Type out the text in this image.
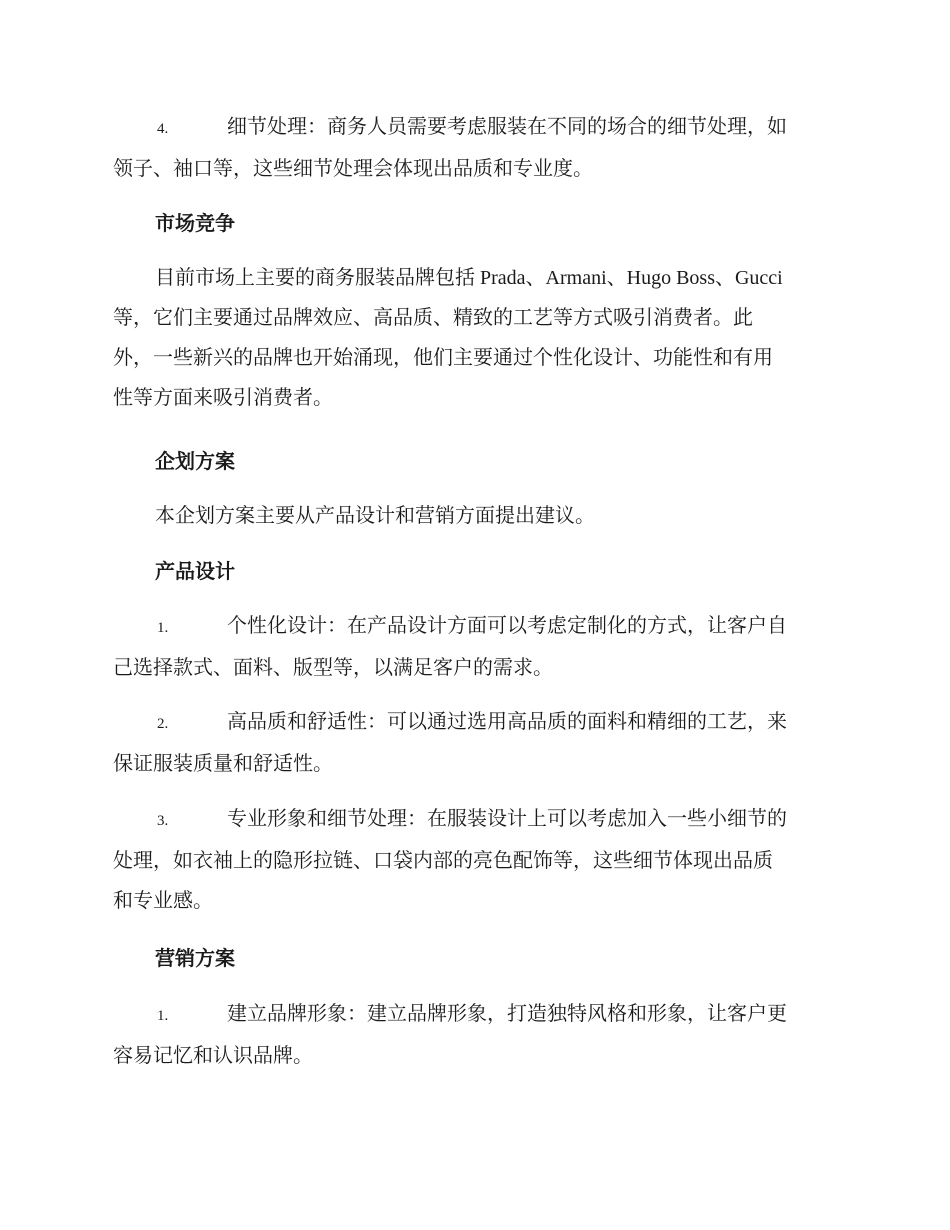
4.	细节处理：商务人员需要考虑服装在不同的场合的细节处理，如
领子、袖口等，这些细节处理会体现出品质和专业度。
市场竞争
目前市场上主要的商务服装品牌包括 Prada、Armani、Hugo Boss、Gucci
等，它们主要通过品牌效应、高品质、精致的工艺等方式吸引消费者。此
外，一些新兴的品牌也开始涌现，他们主要通过个性化设计、功能性和有用
性等方面来吸引消费者。
企划方案
本企划方案主要从产品设计和营销方面提出建议。
产品设计
1.	个性化设计：在产品设计方面可以考虑定制化的方式，让客户自
己选择款式、面料、版型等，以满足客户的需求。
2.	高品质和舒适性：可以通过选用高品质的面料和精细的工艺，来
保证服装质量和舒适性。
3.	专业形象和细节处理：在服装设计上可以考虑加入一些小细节的
处理，如衣袖上的隐形拉链、口袋内部的亮色配饰等，这些细节体现出品质
和专业感。
营销方案
1.	建立品牌形象：建立品牌形象，打造独特风格和形象，让客户更
容易记忆和认识品牌。
